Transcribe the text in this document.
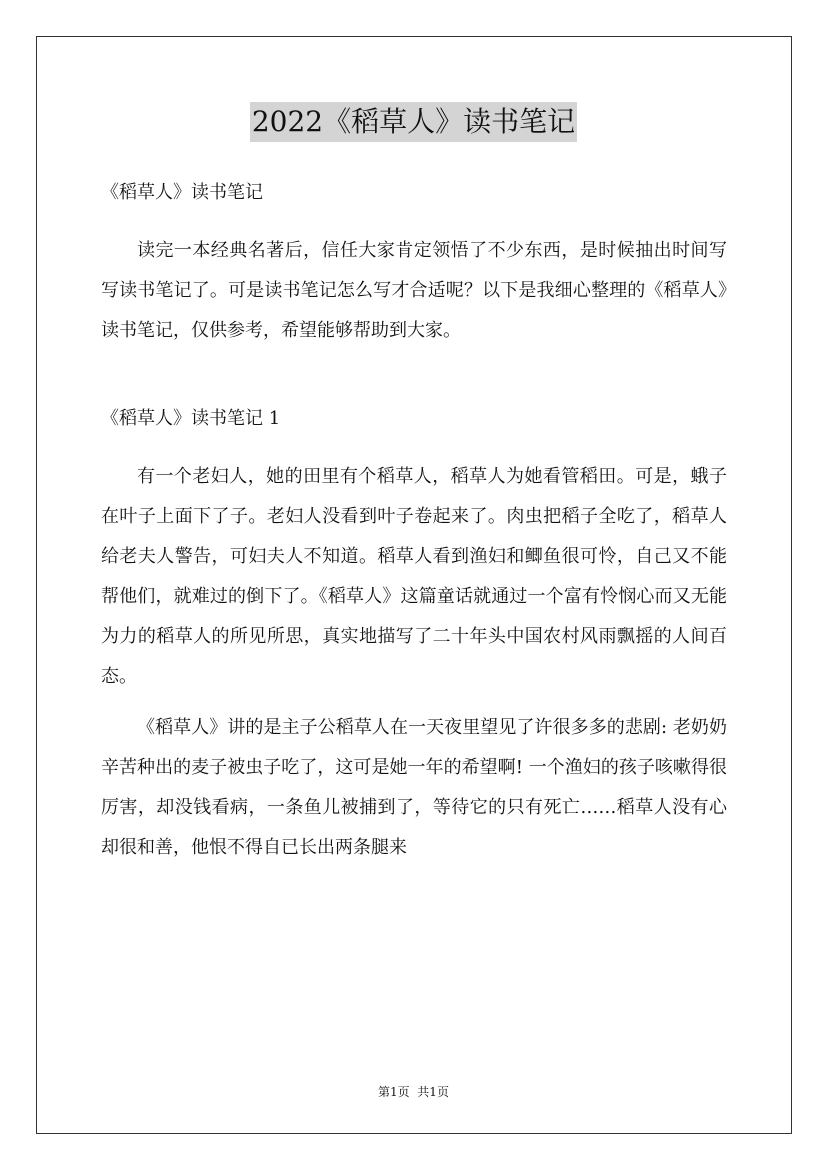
2022《稻草人》读书笔记

《稻草人》读书笔记

读完一本经典名著后，信任大家肯定领悟了不少东西，是时候抽出时间写写读书笔记了。可是读书笔记怎么写才合适呢？以下是我细心整理的《稻草人》读书笔记，仅供参考，希望能够帮助到大家。

《稻草人》读书笔记 1

有一个老妇人，她的田里有个稻草人，稻草人为她看管稻田。可是，蛾子在叶子上面下了子。老妇人没看到叶子卷起来了。肉虫把稻子全吃了，稻草人给老夫人警告，可妇夫人不知道。稻草人看到渔妇和鲫鱼很可怜，自己又不能帮他们，就难过的倒下了。《稻草人》这篇童话就通过一个富有怜悯心而又无能为力的稻草人的所见所思，真实地描写了二十年头中国农村风雨飘摇的人间百态。

《稻草人》讲的是主子公稻草人在一天夜里望见了许很多多的悲剧: 老奶奶辛苦种出的麦子被虫子吃了，这可是她一年的希望啊! 一个渔妇的孩子咳嗽得很厉害，却没钱看病，一条鱼儿被捕到了，等待它的只有死亡……稻草人没有心却很和善，他恨不得自已长出两条腿来

第1页  共1页
